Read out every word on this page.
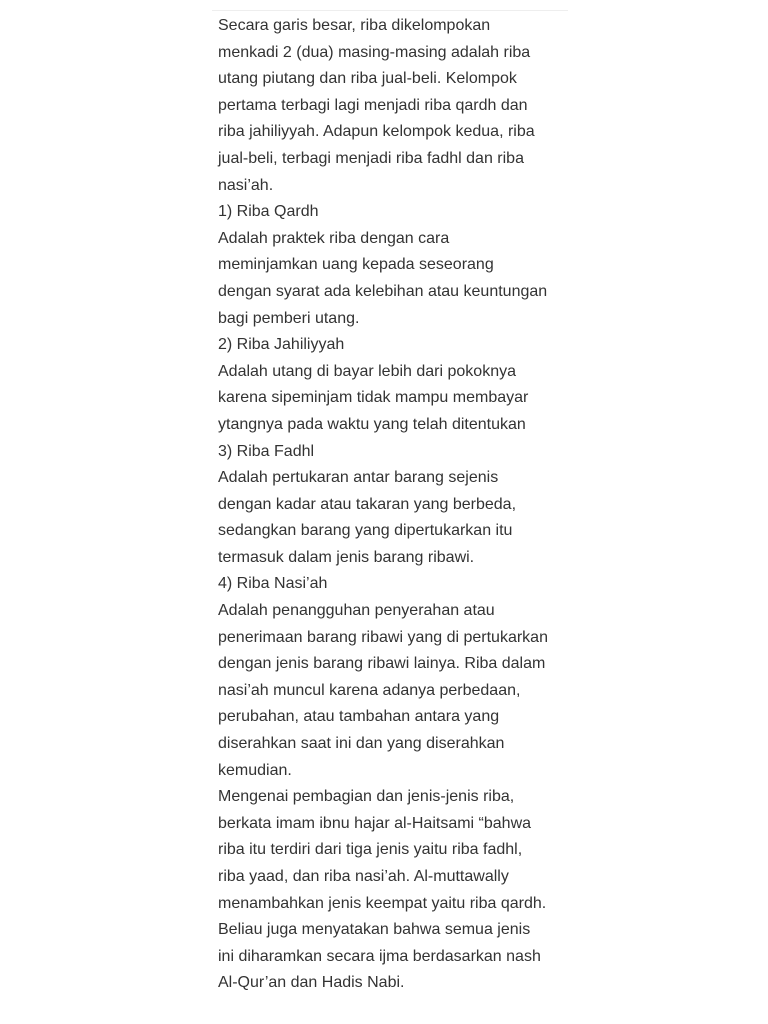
Secara garis besar, riba dikelompokan
menkadi 2 (dua) masing-masing adalah riba
utang piutang dan riba jual-beli. Kelompok
pertama terbagi lagi menjadi riba qardh dan
riba jahiliyyah. Adapun kelompok kedua, riba
jual-beli, terbagi menjadi riba fadhl dan riba
nasi’ah.
1) Riba Qardh
Adalah praktek riba dengan cara
meminjamkan uang kepada seseorang
dengan syarat ada kelebihan atau keuntungan
bagi pemberi utang.
2) Riba Jahiliyyah
Adalah utang di bayar lebih dari pokoknya
karena sipeminjam tidak mampu membayar
ytangnya pada waktu yang telah ditentukan
3) Riba Fadhl
Adalah pertukaran antar barang sejenis
dengan kadar atau takaran yang berbeda,
sedangkan barang yang dipertukarkan itu
termasuk dalam jenis barang ribawi.
4) Riba Nasi’ah
Adalah penangguhan penyerahan atau
penerimaan barang ribawi yang di pertukarkan
dengan jenis barang ribawi lainya. Riba dalam
nasi’ah muncul karena adanya perbedaan,
perubahan, atau tambahan antara yang
diserahkan saat ini dan yang diserahkan
kemudian.
Mengenai pembagian dan jenis-jenis riba,
berkata imam ibnu hajar al-Haitsami “bahwa
riba itu terdiri dari tiga jenis yaitu riba fadhl,
riba yaad, dan riba nasi’ah. Al-muttawally
menambahkan jenis keempat yaitu riba qardh.
Beliau juga menyatakan bahwa semua jenis
ini diharamkan secara ijma berdasarkan nash
Al-Qur’an dan Hadis Nabi.
